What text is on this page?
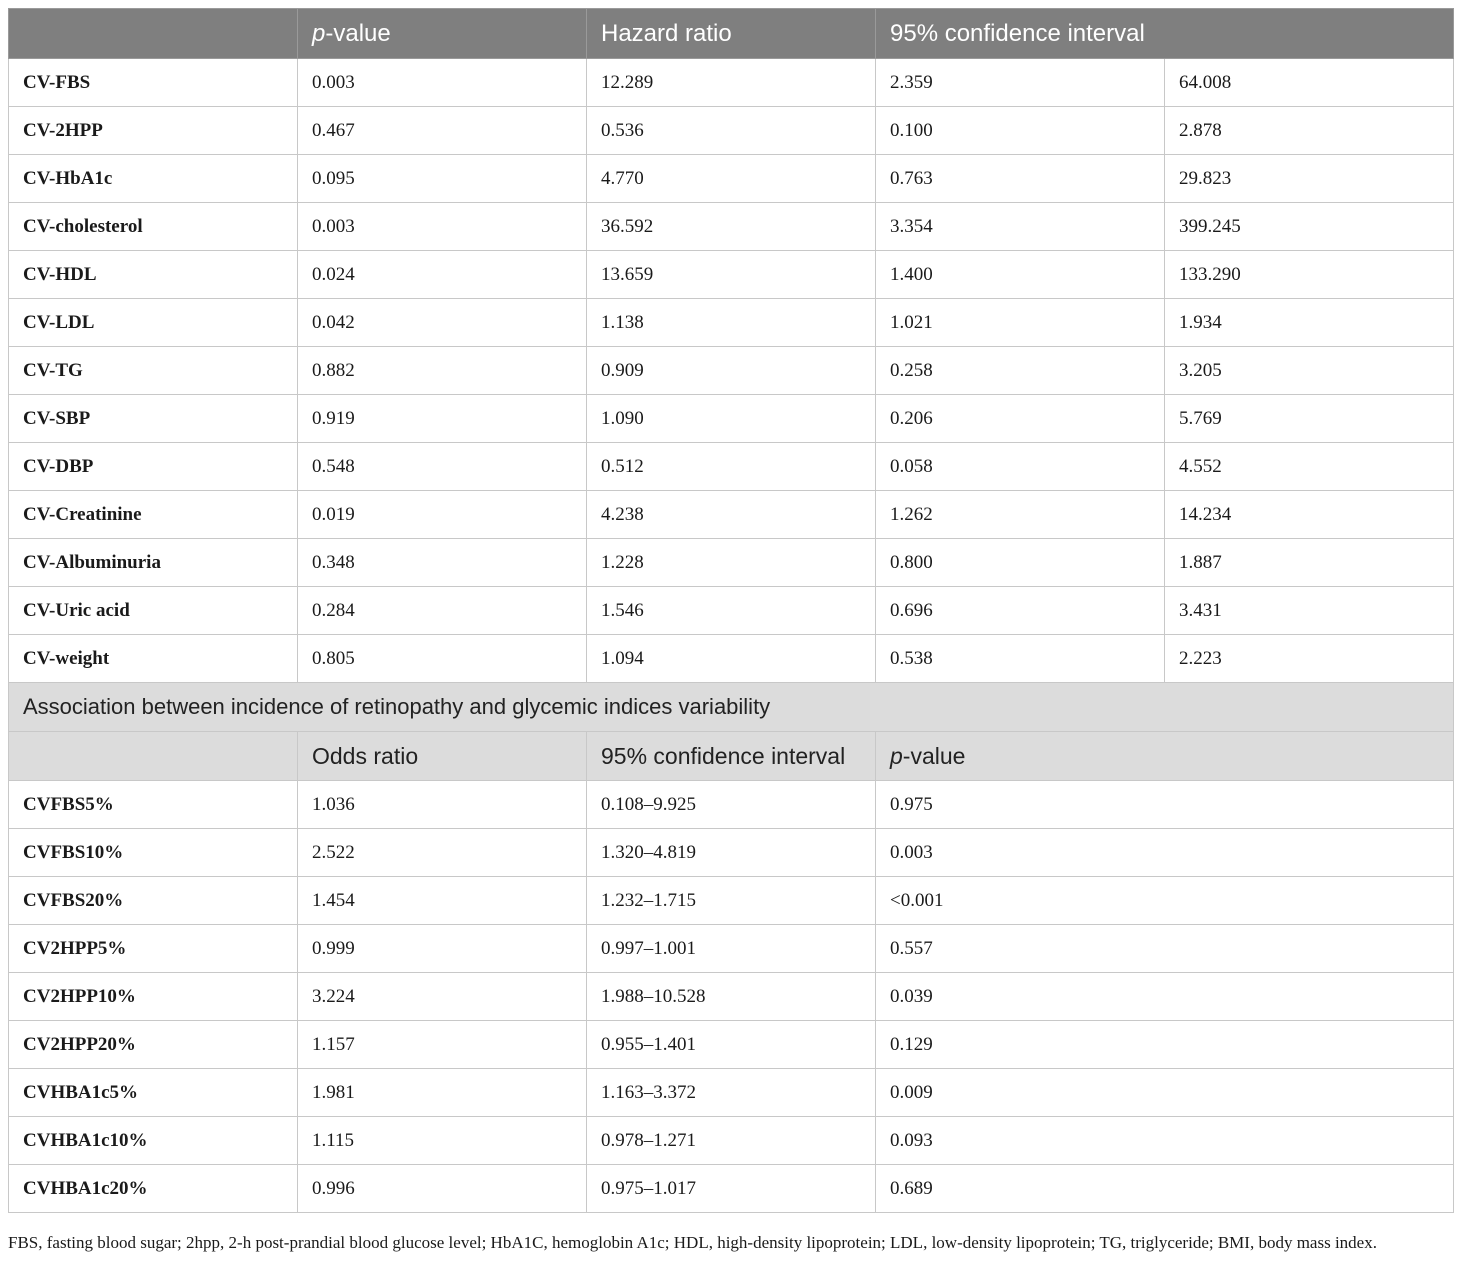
	p-value	Hazard ratio	95% confidence interval	
CV-FBS	0.003	12.289	2.359	64.008
CV-2HPP	0.467	0.536	0.100	2.878
CV-HbA1c	0.095	4.770	0.763	29.823
CV-cholesterol	0.003	36.592	3.354	399.245
CV-HDL	0.024	13.659	1.400	133.290
CV-LDL	0.042	1.138	1.021	1.934
CV-TG	0.882	0.909	0.258	3.205
CV-SBP	0.919	1.090	0.206	5.769
CV-DBP	0.548	0.512	0.058	4.552
CV-Creatinine	0.019	4.238	1.262	14.234
CV-Albuminuria	0.348	1.228	0.800	1.887
CV-Uric acid	0.284	1.546	0.696	3.431
CV-weight	0.805	1.094	0.538	2.223
Association between incidence of retinopathy and glycemic indices variability				
	Odds ratio	95% confidence interval	p-value	
CVFBS5%	1.036	0.108–9.925	0.975	
CVFBS10%	2.522	1.320–4.819	0.003	
CVFBS20%	1.454	1.232–1.715	<0.001	
CV2HPP5%	0.999	0.997–1.001	0.557	
CV2HPP10%	3.224	1.988–10.528	0.039	
CV2HPP20%	1.157	0.955–1.401	0.129	
CVHBA1c5%	1.981	1.163–3.372	0.009	
CVHBA1c10%	1.115	0.978–1.271	0.093	
CVHBA1c20%	0.996	0.975–1.017	0.689	
FBS, fasting blood sugar; 2hpp, 2-h post-prandial blood glucose level; HbA1C, hemoglobin A1c; HDL, high-density lipoprotein; LDL, low-density lipoprotein; TG, triglyceride; BMI, body mass index.
